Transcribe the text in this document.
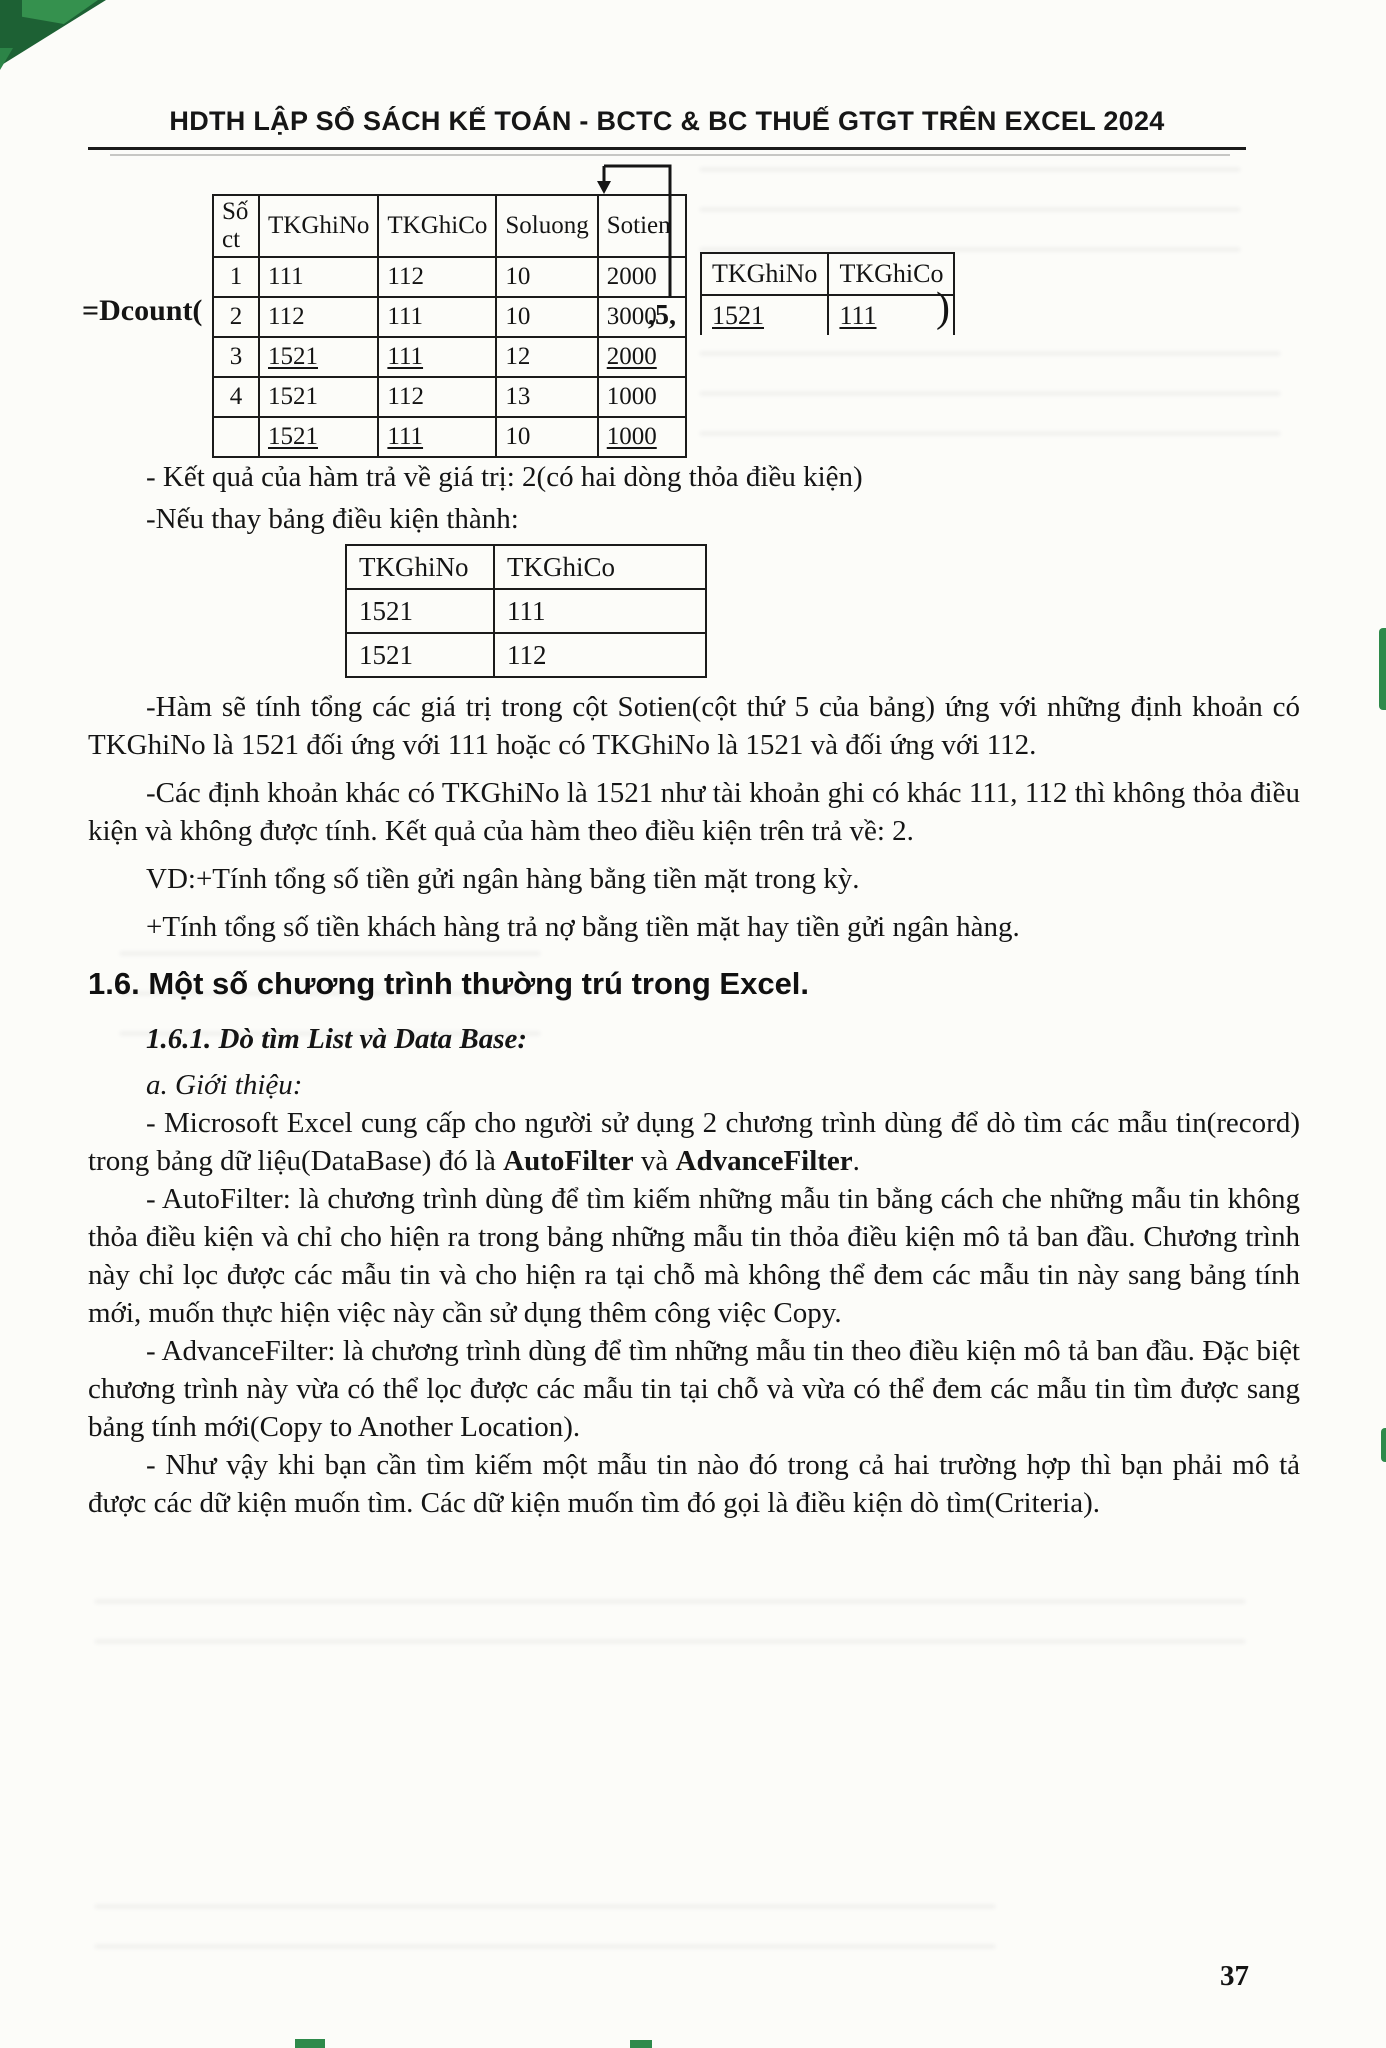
HDTH LẬP SỔ SÁCH KẾ TOÁN - BCTC & BC THUẾ GTGT TRÊN EXCEL 2024
=Dcount(
Số ct	TKGhiNo	TKGhiCo	Soluong	Sotien
1	111	112	10	2000
2	112	111	10	3000
3	1521	111	12	2000
4	1521	112	13	1000
	1521	111	10	1000
,5,
TKGhiNo	TKGhiCo
1521	111 )

- Kết quả của hàm trả về giá trị: 2(có hai dòng thỏa điều kiện)

-Nếu thay bảng điều kiện thành:

TKGhiNo	TKGhiCo
1521	111
1521	112

-Hàm sẽ tính tổng các giá trị trong cột Sotien(cột thứ 5 của bảng) ứng với những định khoản có TKGhiNo là 1521 đối ứng với 111 hoặc có TKGhiNo là 1521 và đối ứng với 112.

-Các định khoản khác có TKGhiNo là 1521 như tài khoản ghi có khác 111, 112 thì không thỏa điều kiện và không được tính. Kết quả của hàm theo điều kiện trên trả về: 2.

VD:+Tính tổng số tiền gửi ngân hàng bằng tiền mặt trong kỳ.

+Tính tổng số tiền khách hàng trả nợ bằng tiền mặt hay tiền gửi ngân hàng.

1.6. Một số chương trình thường trú trong Excel.

1.6.1. Dò tìm List và Data Base:

a. Giới thiệu:

- Microsoft Excel cung cấp cho người sử dụng 2 chương trình dùng để dò tìm các mẫu tin(record) trong bảng dữ liệu(DataBase) đó là AutoFilter và AdvanceFilter.

- AutoFilter: là chương trình dùng để tìm kiếm những mẫu tin bằng cách che những mẫu tin không thỏa điều kiện và chỉ cho hiện ra trong bảng những mẫu tin thỏa điều kiện mô tả ban đầu. Chương trình này chỉ lọc được các mẫu tin và cho hiện ra tại chỗ mà không thể đem các mẫu tin này sang bảng tính mới, muốn thực hiện việc này cần sử dụng thêm công việc Copy.

- AdvanceFilter: là chương trình dùng để tìm những mẫu tin theo điều kiện mô tả ban đầu. Đặc biệt chương trình này vừa có thể lọc được các mẫu tin tại chỗ và vừa có thể đem các mẫu tin tìm được sang bảng tính mới(Copy to Another Location).

- Như vậy khi bạn cần tìm kiếm một mẫu tin nào đó trong cả hai trường hợp thì bạn phải mô tả được các dữ kiện muốn tìm. Các dữ kiện muốn tìm đó gọi là điều kiện dò tìm(Criteria).

37
